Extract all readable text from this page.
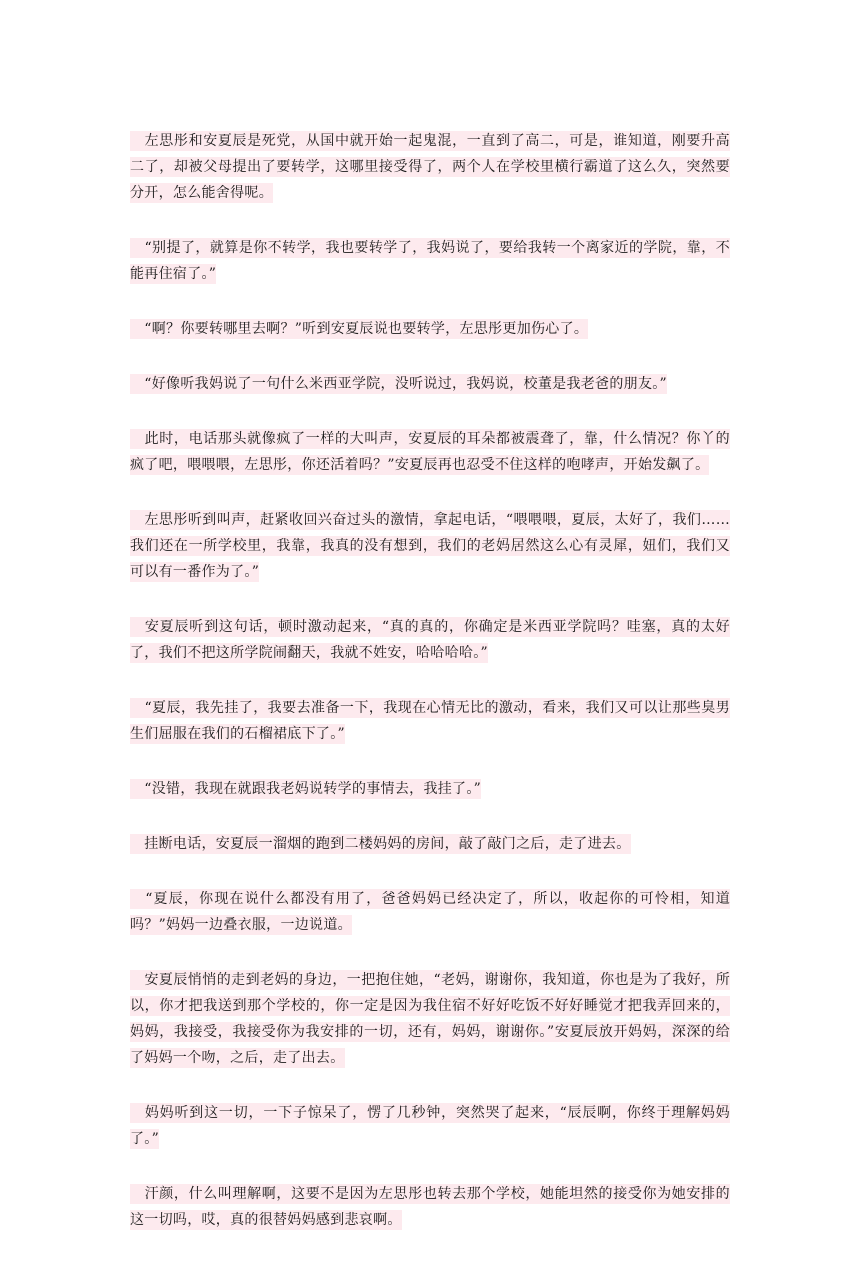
　左思彤和安夏辰是死党，从国中就开始一起鬼混，一直到了高二，可是，谁知道，刚要升高二了，却被父母提出了要转学，这哪里接受得了，两个人在学校里横行霸道了这么久，突然要分开，怎么能舍得呢。

　“别提了，就算是你不转学，我也要转学了，我妈说了，要给我转一个离家近的学院，靠，不能再住宿了。”

　“啊？你要转哪里去啊？”听到安夏辰说也要转学，左思彤更加伤心了。

　“好像听我妈说了一句什么米西亚学院，没听说过，我妈说，校董是我老爸的朋友。”

　此时，电话那头就像疯了一样的大叫声，安夏辰的耳朵都被震聋了，靠，什么情况？你丫的疯了吧，喂喂喂，左思彤，你还活着吗？”安夏辰再也忍受不住这样的咆哮声，开始发飙了。

　左思彤听到叫声，赶紧收回兴奋过头的激情，拿起电话，“喂喂喂，夏辰，太好了，我们……我们还在一所学校里，我靠，我真的没有想到，我们的老妈居然这么心有灵犀，妞们，我们又可以有一番作为了。”

　安夏辰听到这句话，顿时激动起来，“真的真的，你确定是米西亚学院吗？哇塞，真的太好了，我们不把这所学院闹翻天，我就不姓安，哈哈哈哈。”

　“夏辰，我先挂了，我要去准备一下，我现在心情无比的激动，看来，我们又可以让那些臭男生们屈服在我们的石榴裙底下了。”

　“没错，我现在就跟我老妈说转学的事情去，我挂了。”

　挂断电话，安夏辰一溜烟的跑到二楼妈妈的房间，敲了敲门之后，走了进去。

　“夏辰，你现在说什么都没有用了，爸爸妈妈已经决定了，所以，收起你的可怜相，知道吗？”妈妈一边叠衣服，一边说道。

　安夏辰悄悄的走到老妈的身边，一把抱住她，“老妈，谢谢你，我知道，你也是为了我好，所以，你才把我送到那个学校的，你一定是因为我住宿不好好吃饭不好好睡觉才把我弄回来的，妈妈，我接受，我接受你为我安排的一切，还有，妈妈，谢谢你。”安夏辰放开妈妈，深深的给了妈妈一个吻，之后，走了出去。

　妈妈听到这一切，一下子惊呆了，愣了几秒钟，突然哭了起来，“辰辰啊，你终于理解妈妈了。”

　汗颜，什么叫理解啊，这要不是因为左思彤也转去那个学校，她能坦然的接受你为她安排的这一切吗，哎，真的很替妈妈感到悲哀啊。
